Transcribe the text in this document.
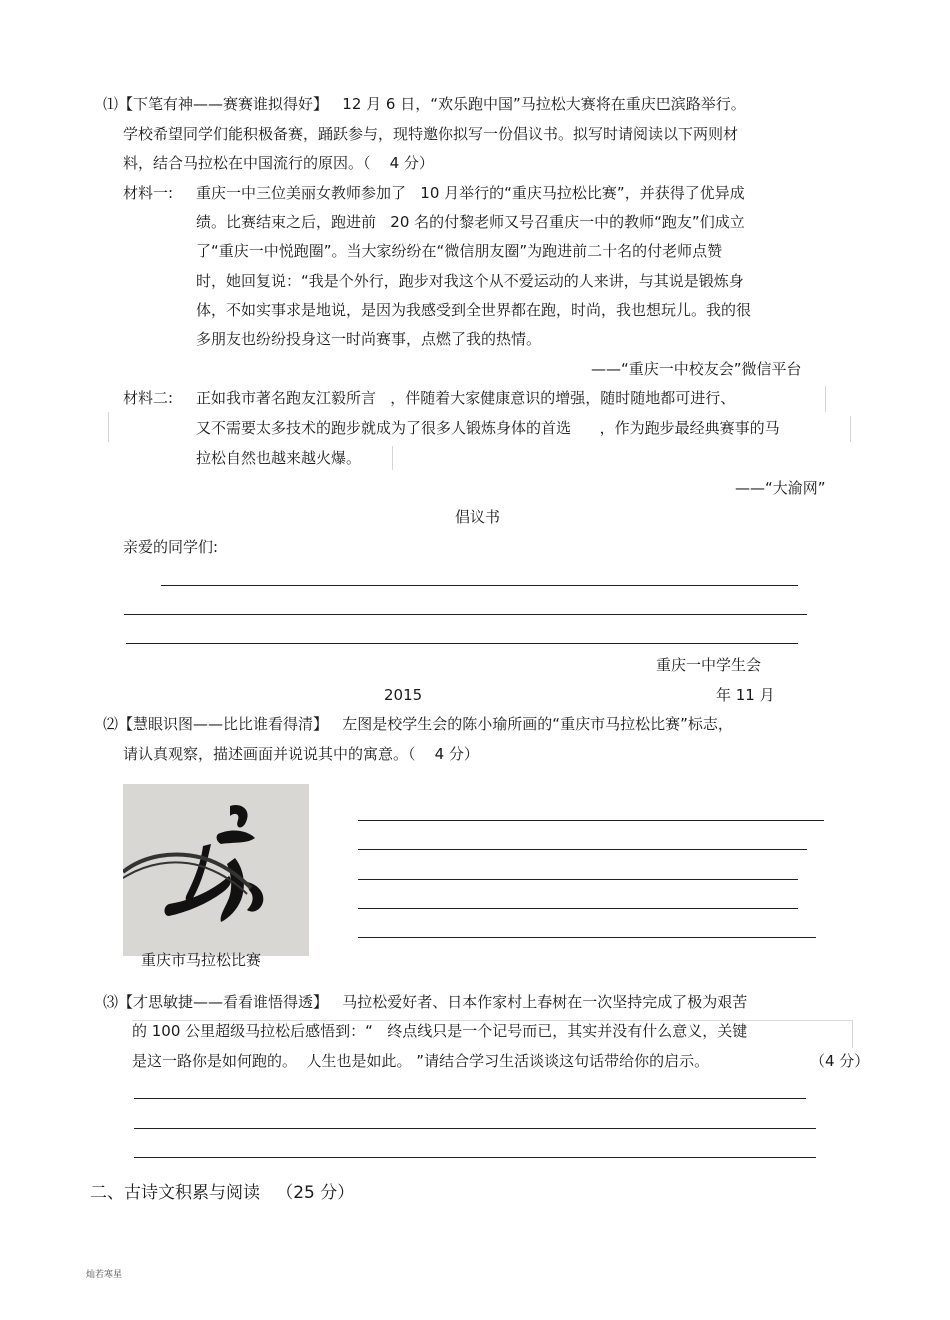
⑴【下笔有神——赛赛谁拟得好】   12 月 6 日，“欢乐跑中国”马拉松大赛将在重庆巴滨路举行。
学校希望同学们能积极备赛，踊跃参与，现特邀你拟写一份倡议书。拟写时请阅读以下两则材
料，结合马拉松在中国流行的原因。（    4 分）
材料一: 重庆一中三位美丽女教师参加了   10 月举行的“重庆马拉松比赛”，并获得了优异成
绩。比赛结束之后，跑进前   20 名的付黎老师又号召重庆一中的教师“跑友”们成立
了“重庆一中悦跑圈”。当大家纷纷在“微信朋友圈”为跑进前二十名的付老师点赞
时，她回复说：“我是个外行，跑步对我这个从不爱运动的人来讲，与其说是锻炼身
体，不如实事求是地说，是因为我感受到全世界都在跑，时尚，我也想玩儿。我的很
多朋友也纷纷投身这一时尚赛事，点燃了我的热情。
——“重庆一中校友会”微信平台
材料二: 正如我市著名跑友江毅所言   ，伴随着大家健康意识的增强，随时随地都可进行、
又不需要太多技术的跑步就成为了很多人锻炼身体的首选      ，作为跑步最经典赛事的马
拉松自然也越来越火爆。
——“大渝网”
倡议书
亲爱的同学们:
重庆一中学生会
2015	年 11 月
⑵【慧眼识图——比比谁看得清】   左图是校学生会的陈小瑜所画的“重庆市马拉松比赛”标志，
请认真观察，描述画面并说说其中的寓意。（    4 分）
重庆市马拉松比赛
⑶【才思敏捷——看看谁悟得透】   马拉松爱好者、日本作家村上春树在一次坚持完成了极为艰苦
的 100 公里超级马拉松后感悟到：“   终点线只是一个记号而已，其实并没有什么意义，关键
是这一路你是如何跑的。  人生也是如此。 ”请结合学习生活谈谈这句话带给你的启示。	（4 分）
二、古诗文积累与阅读   （25 分）
灿若寒星
